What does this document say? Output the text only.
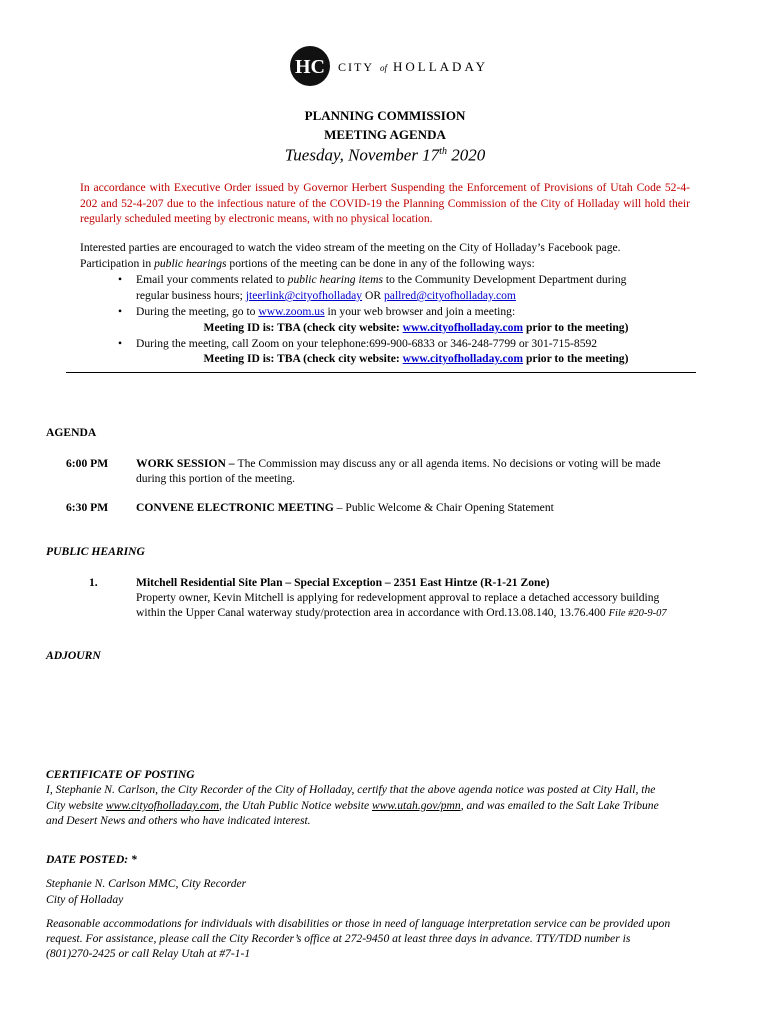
HC CITY of HOLLADAY
PLANNING COMMISSION
MEETING AGENDA
Tuesday, November 17th 2020
In accordance with Executive Order issued by Governor Herbert Suspending the Enforcement of Provisions of Utah Code 52-4-202 and 52-4-207 due to the infectious nature of the COVID-19 the Planning Commission of the City of Holladay will hold their regularly scheduled meeting by electronic means, with no physical location.
Interested parties are encouraged to watch the video stream of the meeting on the City of Holladay’s Facebook page.
Participation in public hearings portions of the meeting can be done in any of the following ways:
• Email your comments related to public hearing items to the Community Development Department during
regular business hours; jteerlink@cityofholladay OR pallred@cityofholladay.com
• During the meeting, go to www.zoom.us in your web browser and join a meeting:
Meeting ID is: TBA (check city website: www.cityofholladay.com prior to the meeting)
• During the meeting, call Zoom on your telephone:699-900-6833 or 346-248-7799 or 301-715-8592
Meeting ID is: TBA (check city website: www.cityofholladay.com prior to the meeting)
AGENDA
6:00 PM WORK SESSION – The Commission may discuss any or all agenda items. No decisions or voting will be made
during this portion of the meeting.
6:30 PM CONVENE ELECTRONIC MEETING – Public Welcome & Chair Opening Statement
PUBLIC HEARING
1.	Mitchell Residential Site Plan – Special Exception – 2351 East Hintze (R-1-21 Zone)
Property owner, Kevin Mitchell is applying for redevelopment approval to replace a detached accessory building
within the Upper Canal waterway study/protection area in accordance with Ord.13.08.140, 13.76.400 File #20-9-07
ADJOURN
CERTIFICATE OF POSTING
I, Stephanie N. Carlson, the City Recorder of the City of Holladay, certify that the above agenda notice was posted at City Hall, the
City website www.cityofholladay.com, the Utah Public Notice website www.utah.gov/pmn, and was emailed to the Salt Lake Tribune
and Desert News and others who have indicated interest.
DATE POSTED: *
Stephanie N. Carlson MMC, City Recorder
City of Holladay
Reasonable accommodations for individuals with disabilities or those in need of language interpretation service can be provided upon
request. For assistance, please call the City Recorder’s office at 272-9450 at least three days in advance. TTY/TDD number is
(801)270-2425 or call Relay Utah at #7-1-1
